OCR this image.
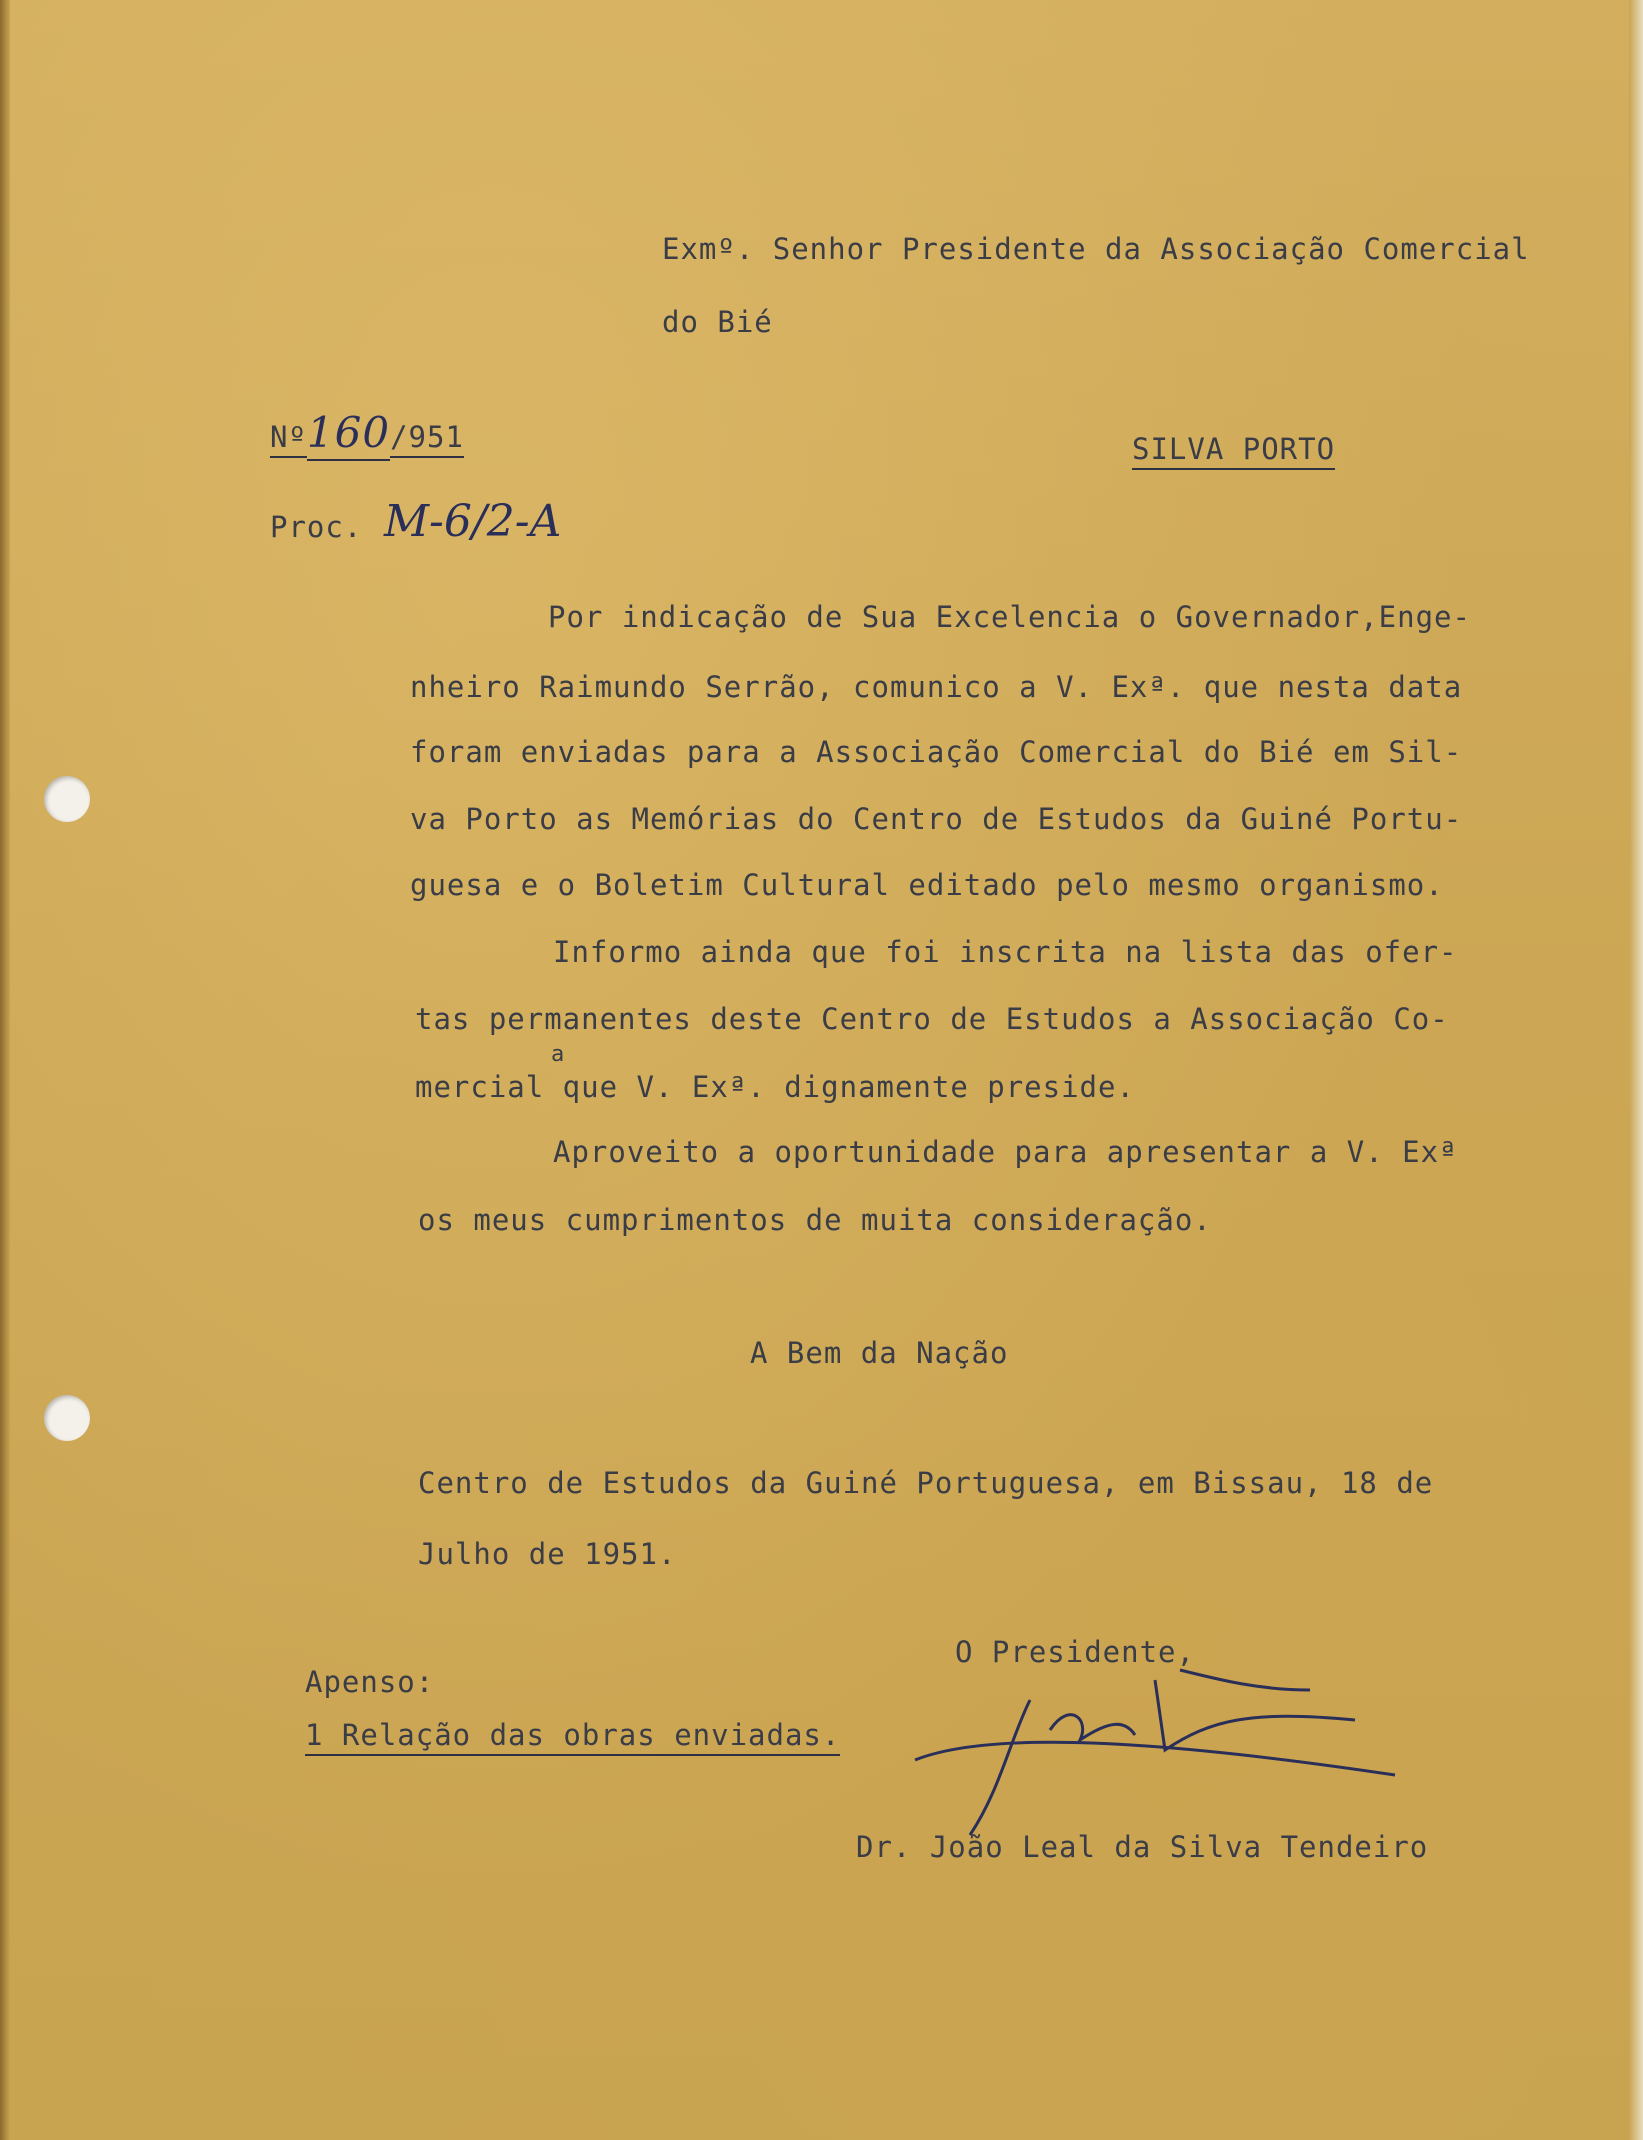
Exmº. Senhor Presidente da Associação Comercial
do Bié
Nº160/951	SILVA PORTO
Proc. M-6/2-A
Por indicação de Sua Excelencia o Governador,Enge-
nheiro Raimundo Serrão, comunico a V. Exª. que nesta data
foram enviadas para a Associação Comercial do Bié em Sil-
va Porto as Memórias do Centro de Estudos da Guiné Portu-
guesa e o Boletim Cultural editado pelo mesmo organismo.
Informo ainda que foi inscrita na lista das ofer-
tas permanentes deste Centro de Estudos a Associação Co-
a
mercial que V. Exª. dignamente preside.
Aproveito a oportunidade para apresentar a V. Exª
os meus cumprimentos de muita consideração.
A Bem da Nação
Centro de Estudos da Guiné Portuguesa, em Bissau, 18 de
Julho de 1951.
O Presidente,
Dr. João Leal da Silva Tendeiro
Apenso:
1 Relação das obras enviadas.
